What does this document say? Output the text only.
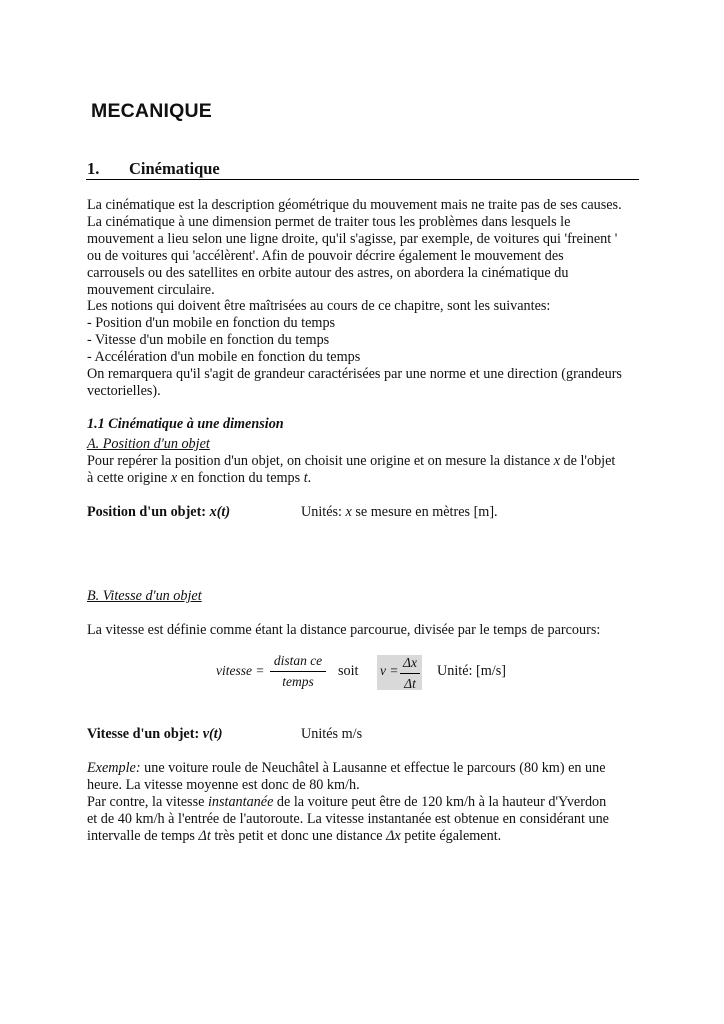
MECANIQUE
1. Cinématique
La cinématique est la description géométrique du mouvement mais ne traite pas de ses causes.
La cinématique à une dimension permet de traiter tous les problèmes dans lesquels le
mouvement a lieu selon une ligne droite, qu'il s'agisse, par exemple, de voitures qui 'freinent '
ou de voitures qui 'accélèrent'. Afin de pouvoir décrire également le mouvement des
carrousels ou des satellites en orbite autour des astres, on abordera la cinématique du
mouvement circulaire.
Les notions qui doivent être maîtrisées au cours de ce chapitre, sont les suivantes:
- Position d'un mobile en fonction du temps
- Vitesse d'un mobile en fonction du temps
- Accélération d'un mobile en fonction du temps
On remarquera qu'il s'agit de grandeur caractérisées par une norme et une direction (grandeurs
vectorielles).
1.1 Cinématique à une dimension
A. Position d'un objet
Pour repérer la position d'un objet, on choisit une origine et on mesure la distance x de l'objet
à cette origine x en fonction du temps t.
Position d'un objet: x(t)	Unités: x se mesure en mètres [m].
B. Vitesse d'un objet
La vitesse est définie comme étant la distance parcourue, divisée par le temps de parcours:
vitesse =
distan ce
temps
soit v =
Δx
Δt
Unité: [m/s]
Vitesse d'un objet: v(t)	Unités m/s
Exemple: une voiture roule de Neuchâtel à Lausanne et effectue le parcours (80 km) en une
heure. La vitesse moyenne est donc de 80 km/h.
Par contre, la vitesse instantanée de la voiture peut être de 120 km/h à la hauteur d'Yverdon
et de 40 km/h à l'entrée de l'autoroute. La vitesse instantanée est obtenue en considérant une
intervalle de temps Δt très petit et donc une distance Δx petite également.
